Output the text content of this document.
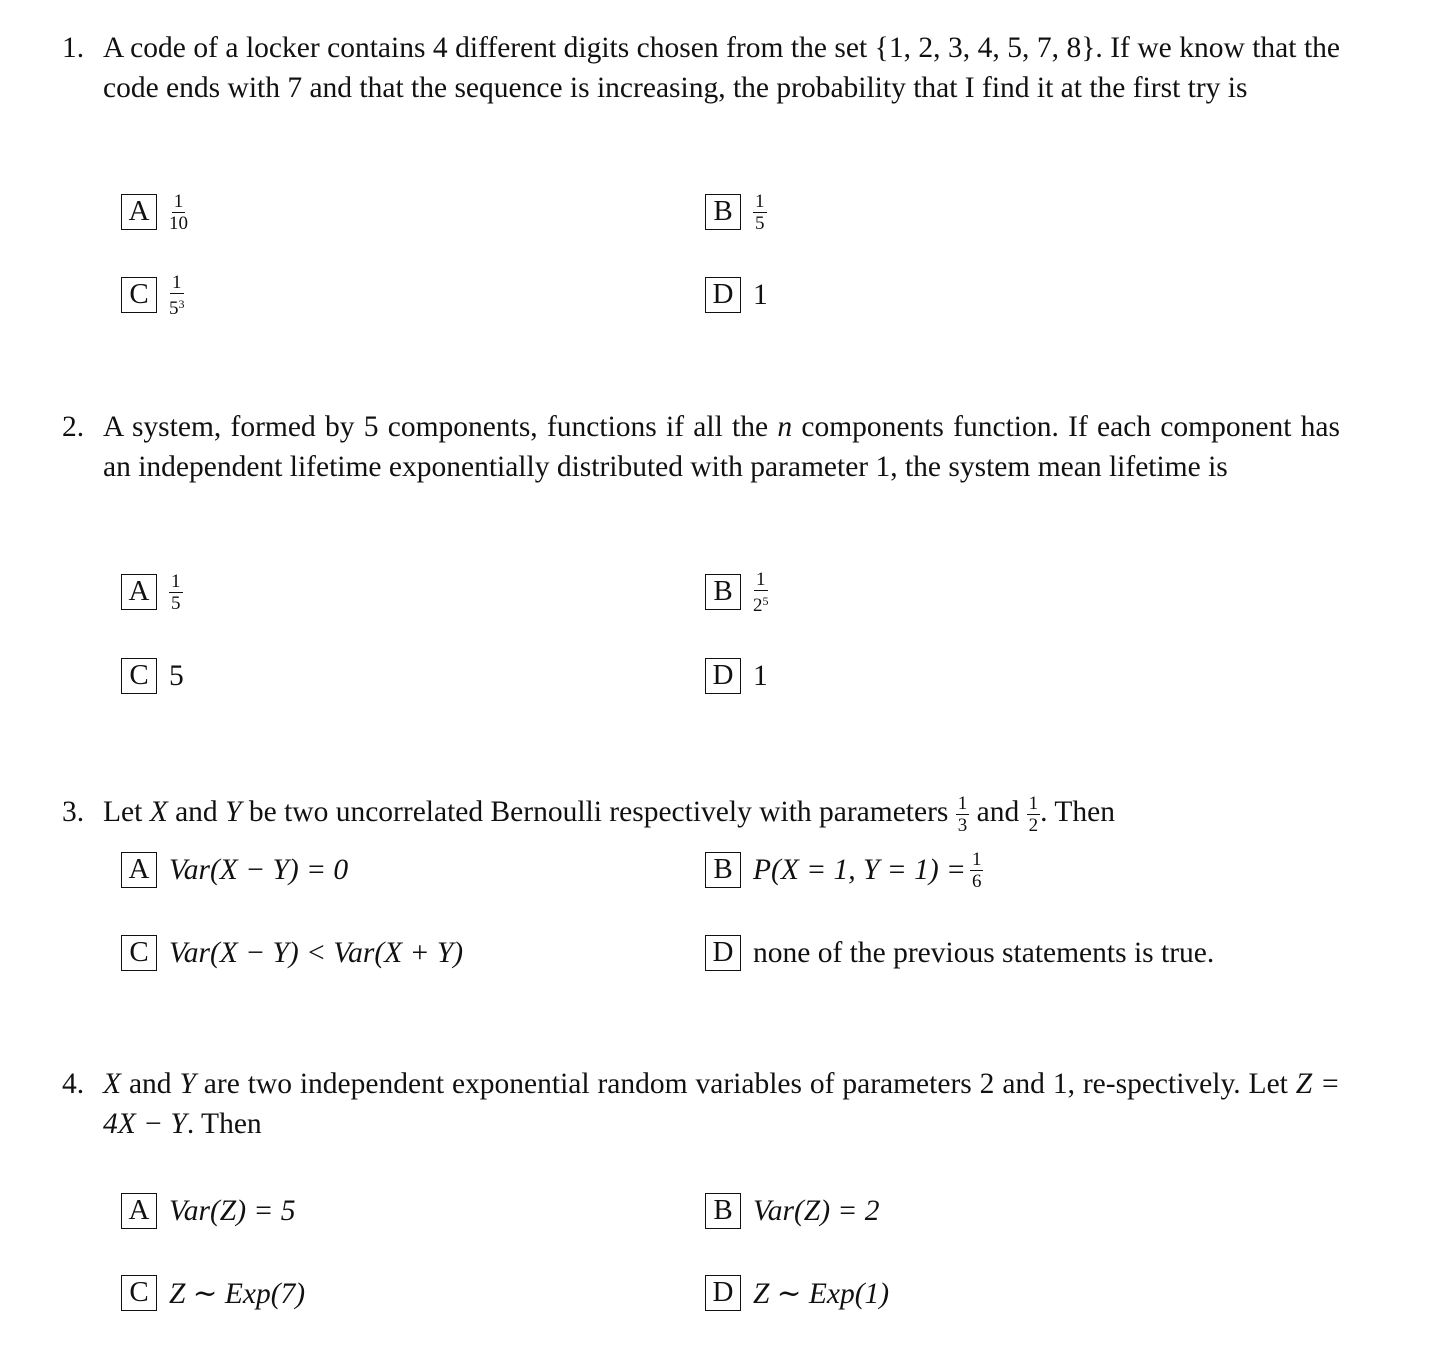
1. A code of a locker contains 4 different digits chosen from the set {1, 2, 3, 4, 5, 7, 8}. If we know that the code ends with 7 and that the sequence is increasing, the probability that I find it at the first try is
A	$\frac{1}{10}$	B	$\frac{1}{5}$
C	$\frac{1}{5^3}$	D 1
2. A system, formed by 5 components, functions if all the n components function. If each component has an independent lifetime exponentially distributed with parameter 1, the system mean lifetime is
A	$\frac{1}{5}$	B	$\frac{1}{2^5}$
C 5	D 1
3. Let X and Y be two uncorrelated Bernoulli respectively with parameters $\frac{1}{3}$ and $\frac{1}{2}$ . Then
A Var(X − Y) = 0	B P(X = 1, $Y = 1) = \frac{1}{6}$
C Var(X − Y) < Var(X + Y)	D none of the previous statements is true.
4. X and Y are two independent exponential random variables of parameters 2 and 1, re-spectively. Let Z = 4X − Y. Then
A Var(Z) = 5	B Var(Z) = 2
C Z ∼ Exp(7)	D Z ∼ Exp(1)
